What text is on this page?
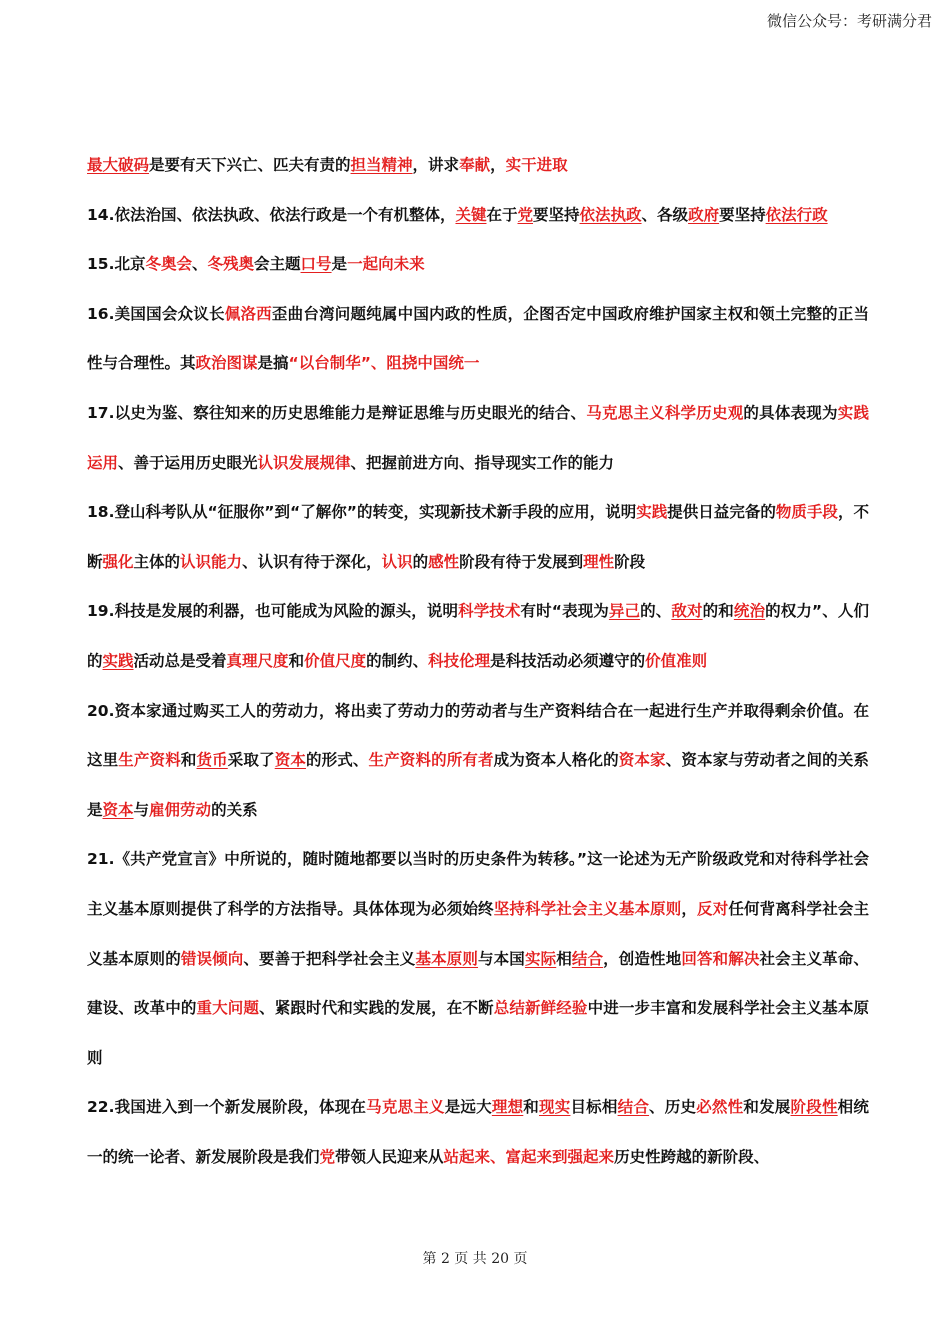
微信公众号：考研满分君

最大破码是要有天下兴亡、匹夫有责的担当精神，讲求奉献，实干进取

14.依法治国、依法执政、依法行政是一个有机整体，关键在于党要坚持依法执政、各级政府要坚持依法行政

15.北京冬奥会、冬残奥会主题口号是一起向未来

16.美国国会众议长佩洛西歪曲台湾问题纯属中国内政的性质，企图否定中国政府维护国家主权和领土完整的正当性与合理性。其政治图谋是搞“以台制华”、阻挠中国统一

17.以史为鉴、察往知来的历史思维能力是辩证思维与历史眼光的结合、马克思主义科学历史观的具体表现为实践运用、善于运用历史眼光认识发展规律、把握前进方向、指导现实工作的能力

18.登山科考队从“征服你”到“了解你”的转变，实现新技术新手段的应用，说明实践提供日益完备的物质手段，不断强化主体的认识能力、认识有待于深化，认识的感性阶段有待于发展到理性阶段

19.科技是发展的利器，也可能成为风险的源头，说明科学技术有时“表现为异己的、敌对的和统治的权力”、人们的实践活动总是受着真理尺度和价值尺度的制约、科技伦理是科技活动必须遵守的价值准则

20.资本家通过购买工人的劳动力，将出卖了劳动力的劳动者与生产资料结合在一起进行生产并取得剩余价值。在这里生产资料和货币采取了资本的形式、生产资料的所有者成为资本人格化的资本家、资本家与劳动者之间的关系是资本与雇佣劳动的关系

21.《共产党宣言》中所说的，随时随地都要以当时的历史条件为转移。”这一论述为无产阶级政党和对待科学社会主义基本原则提供了科学的方法指导。具体体现为必须始终坚持科学社会主义基本原则，反对任何背离科学社会主义基本原则的错误倾向、要善于把科学社会主义基本原则与本国实际相结合，创造性地回答和解决社会主义革命、建设、改革中的重大问题、紧跟时代和实践的发展，在不断总结新鲜经验中进一步丰富和发展科学社会主义基本原则

22.我国进入到一个新发展阶段，体现在马克思主义是远大理想和现实目标相结合、历史必然性和发展阶段性相统一的统一论者、新发展阶段是我们党带领人民迎来从站起来、富起来到强起来历史性跨越的新阶段、

第 2 页 共 20 页
